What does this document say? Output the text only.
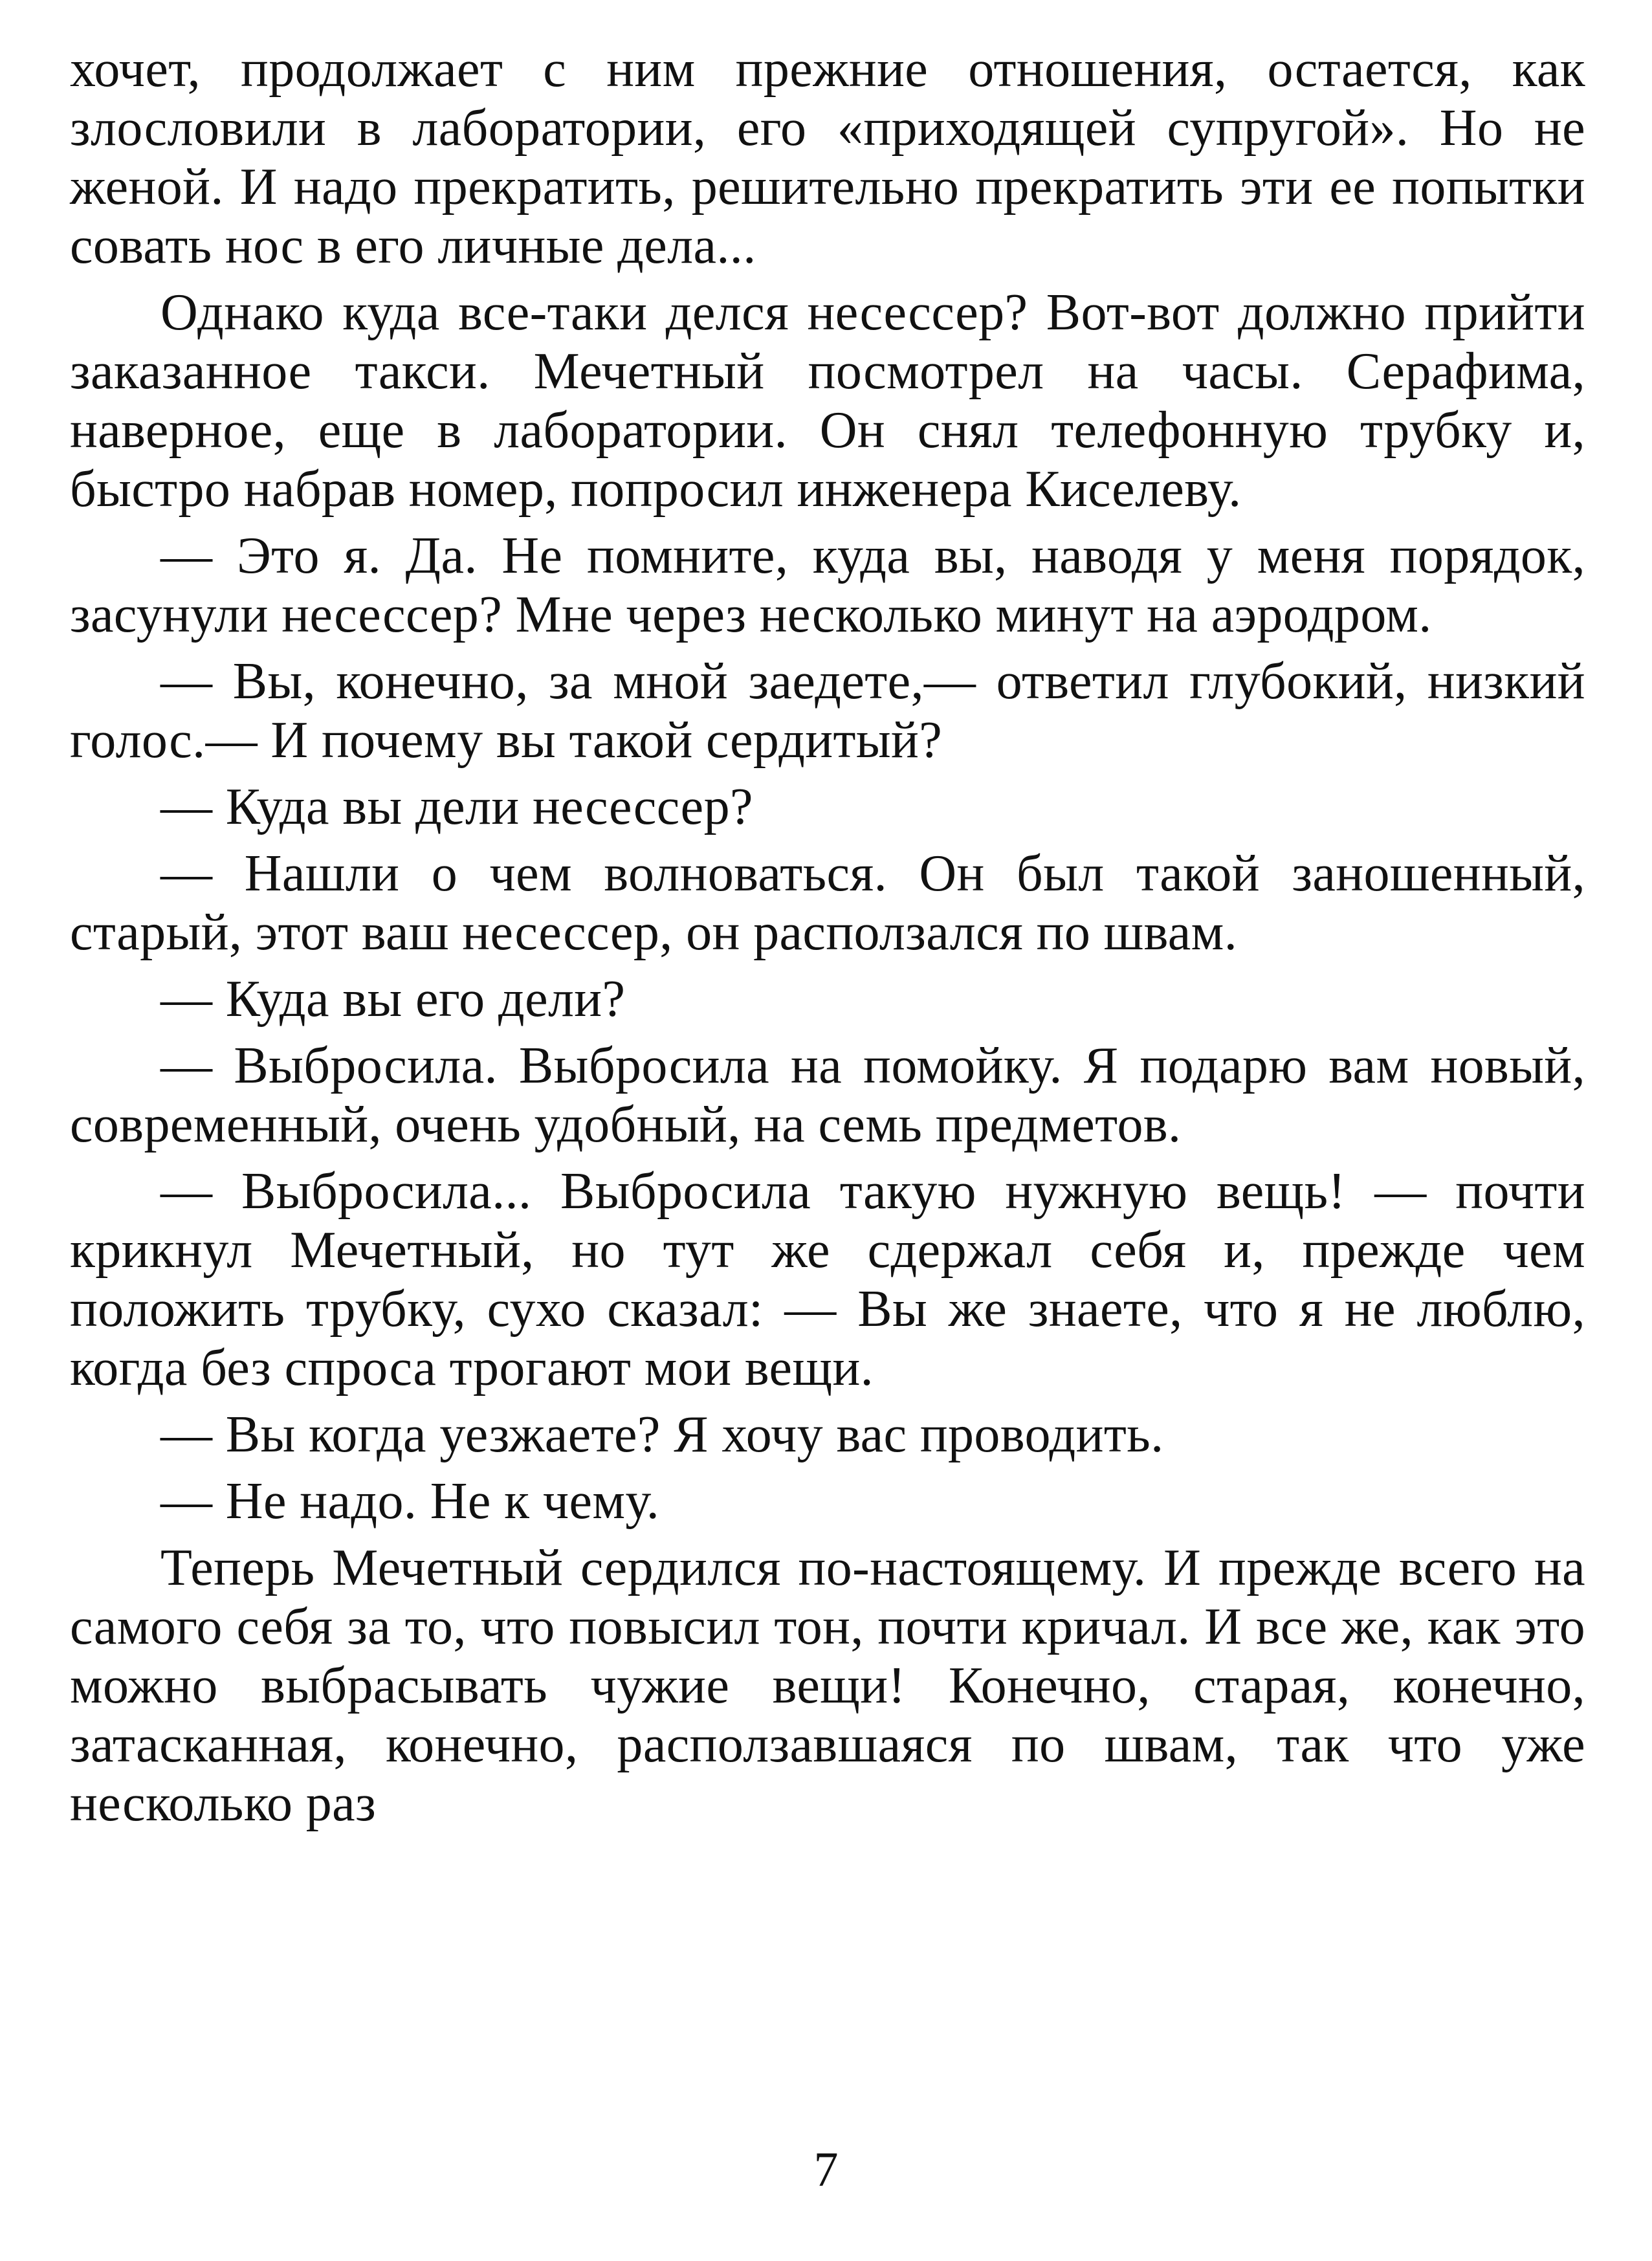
хочет, продолжает с ним прежние отношения, остается, как злословили в лаборатории, его «приходящей супругой». Но не женой. И надо прекратить, решительно прекратить эти ее попытки совать нос в его личные дела...

Однако куда все-таки делся несессер? Вот-вот должно прийти заказанное такси. Мечетный посмотрел на часы. Серафима, наверное, еще в лаборатории. Он снял телефонную трубку и, быстро набрав номер, попросил инженера Киселеву.

— Это я. Да. Не помните, куда вы, наводя у меня порядок, засунули несессер? Мне через несколько минут на аэродром.

— Вы, конечно, за мной заедете,— ответил глубокий, низкий голос.— И почему вы такой сердитый?

— Куда вы дели несессер?

— Нашли о чем волноваться. Он был такой заношенный, старый, этот ваш несессер, он расползался по швам.

— Куда вы его дели?

— Выбросила. Выбросила на помойку. Я подарю вам новый, современный, очень удобный, на семь предметов.

— Выбросила... Выбросила такую нужную вещь! — почти крикнул Мечетный, но тут же сдержал себя и, прежде чем положить трубку, сухо сказал: — Вы же знаете, что я не люблю, когда без спроса трогают мои вещи.

— Вы когда уезжаете? Я хочу вас проводить.

— Не надо. Не к чему.

Теперь Мечетный сердился по-настоящему. И прежде всего на самого себя за то, что повысил тон, почти кричал. И все же, как это можно выбрасывать чужие вещи! Конечно, старая, конечно, затасканная, конечно, расползавшаяся по швам, так что уже несколько раз

7
